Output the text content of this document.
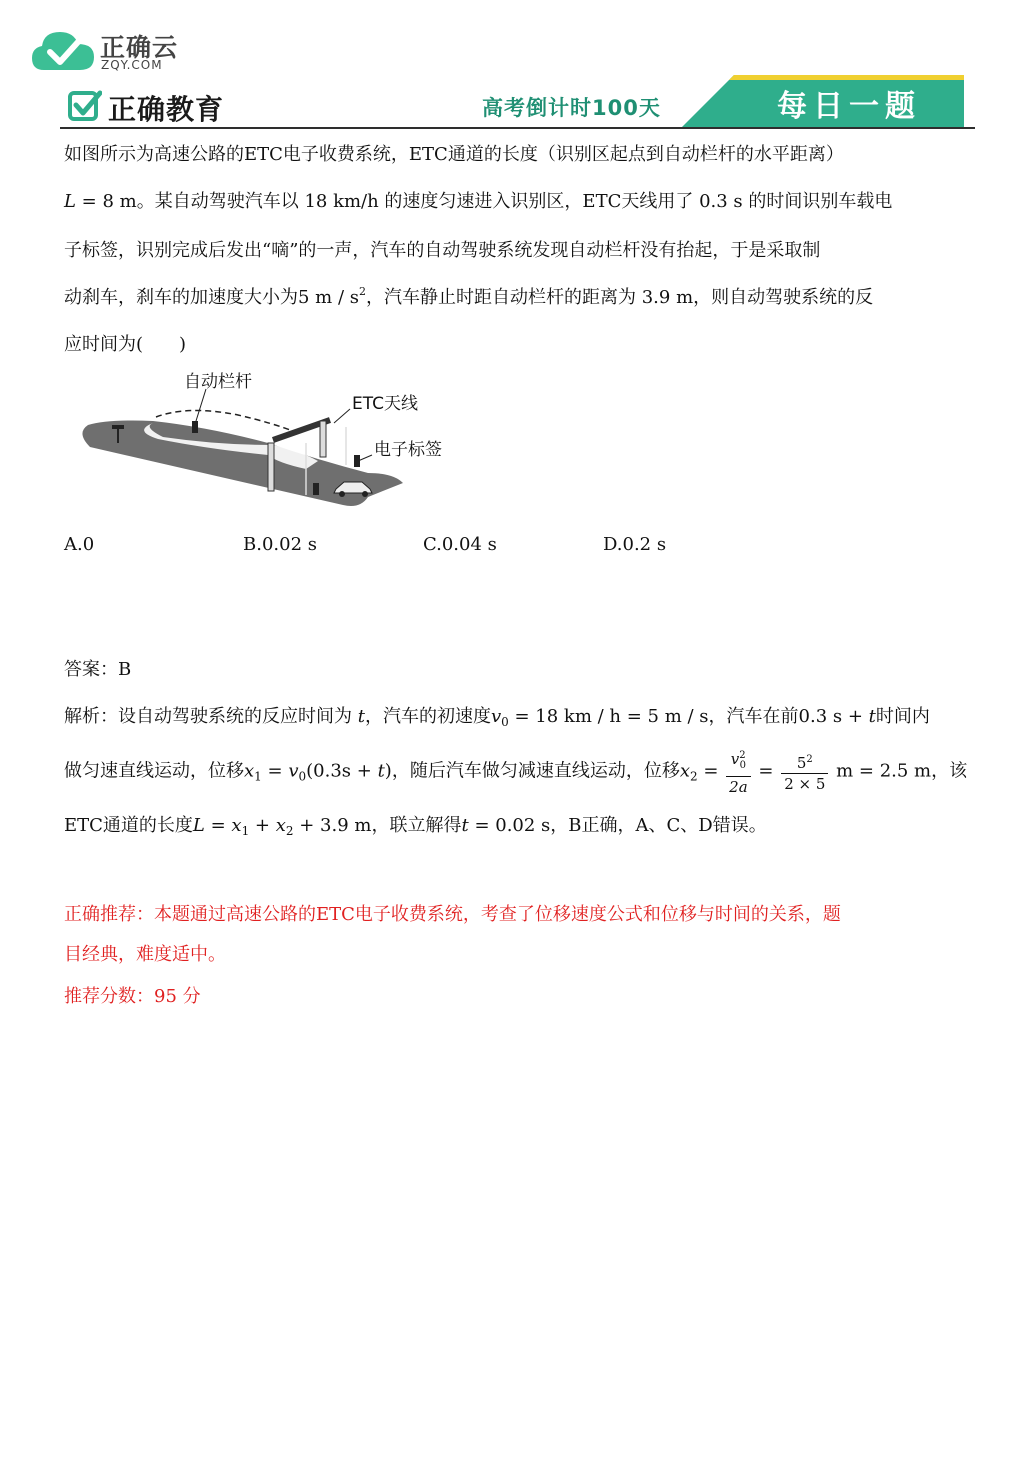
正确云
ZQY.COM
正确教育	高考倒计时100天	每日一题
如图所示为高速公路的ETC电子收费系统，ETC通道的长度（识别区起点到自动栏杆的水平距离）
L = 8 m。某自动驾驶汽车以 18 km/h 的速度匀速进入识别区，ETC天线用了 0.3 s 的时间识别车载电
子标签，识别完成后发出“嘀”的一声，汽车的自动驾驶系统发现自动栏杆没有抬起，于是采取制
动刹车，刹车的加速度大小为5 m / $s^2$，汽车静止时距自动栏杆的距离为 3.9 m，则自动驾驶系统的反
应时间为(　　)
自动栏杆
ETC天线
电子标签
A.0	B.0.02 s	C.0.04 s	D.0.2 s
答案：B
解析：设自动驾驶系统的反应时间为 t，汽车的初速度$v_0 = 18$ km / h = 5 m / s，汽车在前0.3 s + t时间内
做匀速直线运动，位移$x_1 = v_0(0.3s + t)$，随后汽车做匀减速直线运动，位移$x_2 = \frac{v^2_0}{2a} = \frac{5^2}{2 \times 5}$ m = 2.5 m，该
ETC通道的长度$L = x_1 + x_2 + 3.9$ m，联立解得t = 0.02 s，B正确，A、C、D错误。
正确推荐：本题通过高速公路的ETC电子收费系统，考查了位移速度公式和位移与时间的关系，题
目经典，难度适中。
推荐分数：95 分
